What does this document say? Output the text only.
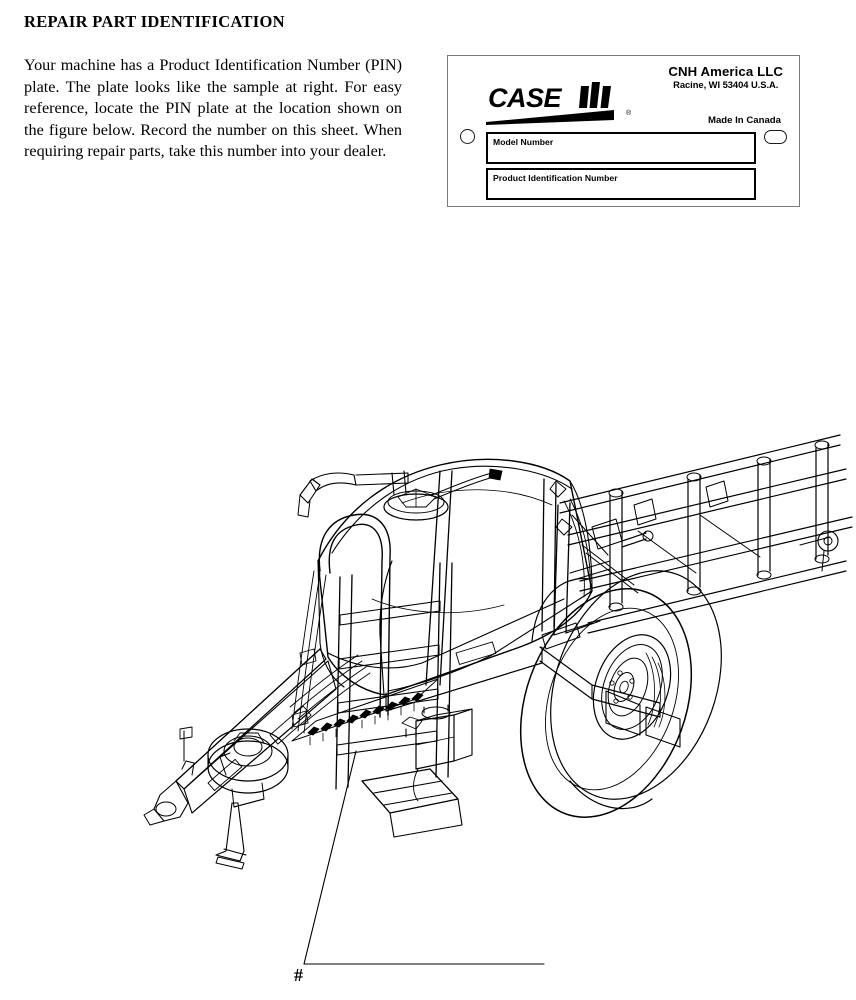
REPAIR PART IDENTIFICATION
Your machine has a Product Identification Number (PIN) plate. The plate looks like the sample at right. For easy reference, locate the PIN plate at the location shown on the figure below. Record the number on this sheet. When requiring repair parts, take this number into your dealer.
CASE
®
CNH America LLC
Racine, WI 53404 U.S.A.
Made In Canada
Model Number
Product Identification Number
#
